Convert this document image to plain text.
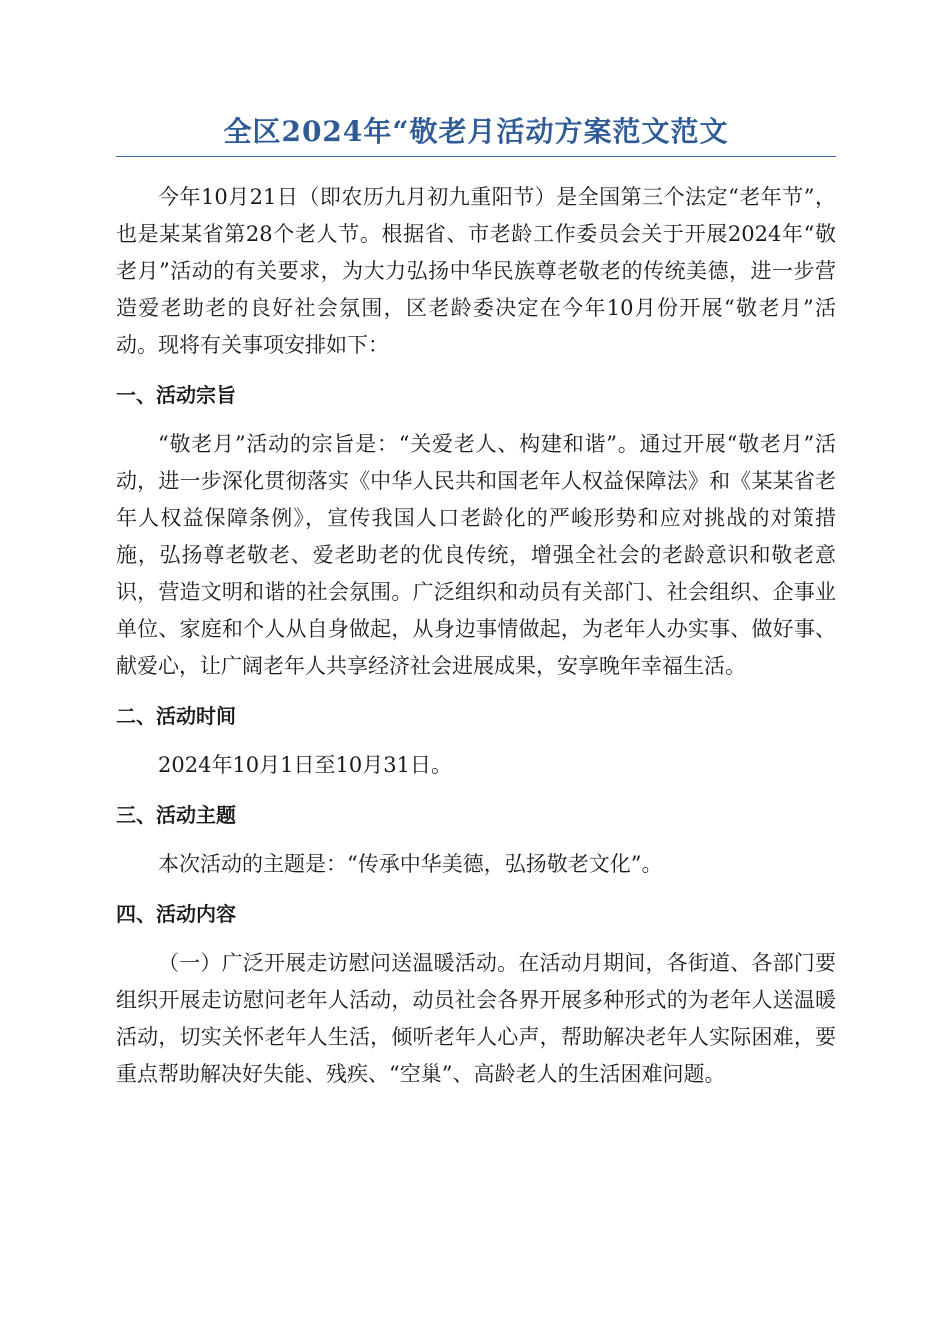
全区2024年“敬老月活动方案范文范文

今年10月21日（即农历九月初九重阳节）是全国第三个法定“老年节”，也是某某省第28个老人节。根据省、市老龄工作委员会关于开展2024年“敬老月”活动的有关要求，为大力弘扬中华民族尊老敬老的传统美德，进一步营造爱老助老的良好社会氛围，区老龄委决定在今年10月份开展“敬老月”活动。现将有关事项安排如下：

一、活动宗旨

“敬老月”活动的宗旨是：“关爱老人、构建和谐”。通过开展“敬老月”活动，进一步深化贯彻落实《中华人民共和国老年人权益保障法》和《某某省老年人权益保障条例》，宣传我国人口老龄化的严峻形势和应对挑战的对策措施，弘扬尊老敬老、爱老助老的优良传统，增强全社会的老龄意识和敬老意识，营造文明和谐的社会氛围。广泛组织和动员有关部门、社会组织、企事业单位、家庭和个人从自身做起，从身边事情做起，为老年人办实事、做好事、献爱心，让广阔老年人共享经济社会进展成果，安享晚年幸福生活。

二、活动时间

2024年10月1日至10月31日。

三、活动主题

本次活动的主题是：“传承中华美德，弘扬敬老文化”。

四、活动内容

（一）广泛开展走访慰问送温暖活动。在活动月期间，各街道、各部门要组织开展走访慰问老年人活动，动员社会各界开展多种形式的为老年人送温暖活动，切实关怀老年人生活，倾听老年人心声，帮助解决老年人实际困难，要重点帮助解决好失能、残疾、“空巢”、高龄老人的生活困难问题。
